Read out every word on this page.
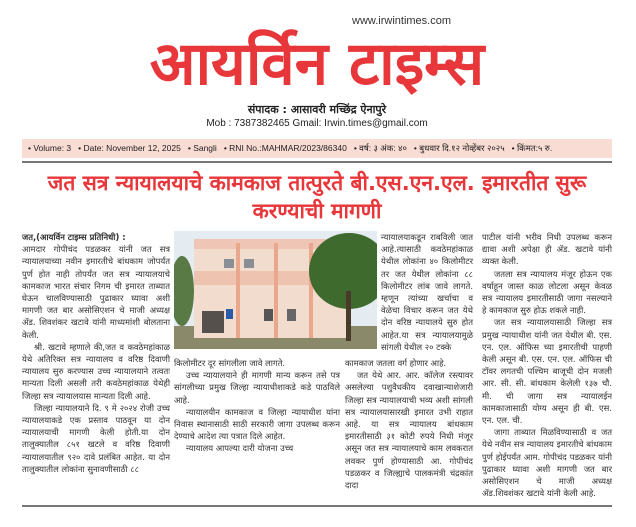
www.irwintimes.com
आयर्विन टाइम्स
संपादक : आसावरी मच्छिंद्र ऐनापुरे
Mob : 7387382465 Gmail: Irwin.times@gmail.com
• Volume: 3	• Date: November 12, 2025	• Sangli	• RNI No.:MAHMAR/2023/86340	• वर्ष: ३ अंक: ४०	• बुधवार दि.१२ नोव्हेंबर २०२५	• किंमत:५ रु.
जत सत्र न्यायालयाचे कामकाज तात्पुरते बी.एस.एन.एल. इमारतीत सुरू करण्याची मागणी

जत,(आयर्विन टाइम्स प्रतिनिधी) :

आमदार गोपीचंद पडळकर यांनी जत सत्र न्यायालयाच्या नवीन इमारतीचे बांधकाम जोपर्यंत पुर्ण होत नाही तोपर्यंत जत सत्र न्यायालयाचे कामकाज भारत संचार निगम ची इमारत ताब्यात घेऊन चालविण्यासाठी पुढाकार घ्यावा अशी मागणी जत बार असोसिएशन चे माजी अध्यक्ष ॲड. शिवशंकर खटावे यांनी माध्यमांशी बोलताना केली.

श्री. खटावे म्हणाले की,जत व कवठेमहांकाळ येथे अतिरिक्त सत्र न्यायालय व वरिष्ठ दिवाणी न्यायालय सुरु करण्यास उच्च न्यायालयाने तत्वतः मान्यता दिली असली तरी कवठेमहांकाळ येथेही जिल्हा सत्र न्यायालयास मान्यता दिली आहे.

जिल्हा न्यायालयाने दि. ९ मे २०२४ रोजी उच्च न्यायालयाकडे एक प्रस्ताव पाठवून या दोन न्यायालयाची मागणी केली होती.या दोन तालुक्यातील ८५१ खटले व वरिष्ठ दिवाणी न्यायालयातील ९२० दावे प्रलंबित आहेत. या दोन तालुक्यातील लोकांना सुनावणीसाठी ८८

न्यायालयाकडून राबविली जात आहे.त्यासाठी कवठेमहांकाळ येथील लोकांना ४० किलोमीटर तर जत येथील लोकांना ८८ किलोमीटर लांब जावे लागते. म्हणून त्यांच्या खर्चाचा व वेळेचा विचार करून जत येथे दोन वरिष्ठ न्यायालये सुरु होत आहेत.या सत्र न्यायालयामुळे सांगली येथील २० टक्के

किलोमीटर दूर सांगलीला जावे लागते.

उच्च न्यायालयाने ही मागणी मान्य करून तसे पत्र सांगलीच्या प्रमुख जिल्हा न्यायाधीशाकडे कडे पाठविले आहे.

न्यायालयीन कामकाज व जिल्हा न्यायाधीश यांना निवास स्थानासाठी साठी सरकारी जागा उपलब्ध करून देण्याचे आदेश त्या पत्रात दिले आहेत.

न्यायालय आपल्या दारी योजना उच्च

कामकाज जतला वर्ग होणार आहे.

जत येथे आर. आर. कॉलेज रस्त्यावर असलेल्या पशुवैधकीय दवाखान्याशेजारी जिल्हा सत्र न्यायालयाची भव्य अशी सांगली सत्र न्यायालयासारखी इमारत उभी राहात आहे. या सत्र न्यायालय बांधकाम इमारतीसाठी ३१ कोटी रुपये निधी मंजूर असून जत सत्र न्यायालयाचे काम लवकरात लवकर पुर्ण होण्यासाठी आ. गोपीचंद पडळकर व जिल्ह्याचे पालकमंत्री चंद्रकांत दादा

पाटील यांनी भरीव निधी उपलब्ध करून द्यावा अशी अपेक्षा ही ॲड. खटावे यांनी व्यक्त केली.

जतला सत्र न्यायालय मंजूर होऊन एक वर्षाहून जास्त काळ लोटला असून केवळ सत्र न्यायालय इमारतीसाठी जागा नसल्याने हे कामकाज सुरु होऊ शकले नाही.

जत सत्र न्यायालयासाठी जिल्हा सत्र प्रमुख न्यायाधीश यांनी जत येथील बी. एस. एन. एल. ऑफिस च्या इमारतीची पाहणी केली असून बी. एस. एन. एल. ऑफिस ची टॉवर लगतची पश्चिम बाजूची दोन मजली आर. सी. सी. बांधकाम केलेली १३७ चौ. मी. ची जागा सत्र न्यायालईन कामकाजासाठी योग्य असून ही बी. एस. एन. एल. ची.

जागा ताब्यात मिळविण्यासाठी व जत येथे नवीन सत्र न्यायालय इमारतीचे बांधकाम पुर्ण होईपर्यंत आम. गोपीचंद पडळकर यांनी पुढाकार घ्यावा अशी मागणी जत बार असोसिएशन चे माजी अध्यक्ष ॲड.शिवशंकर खटावे यांनी केली आहे.
